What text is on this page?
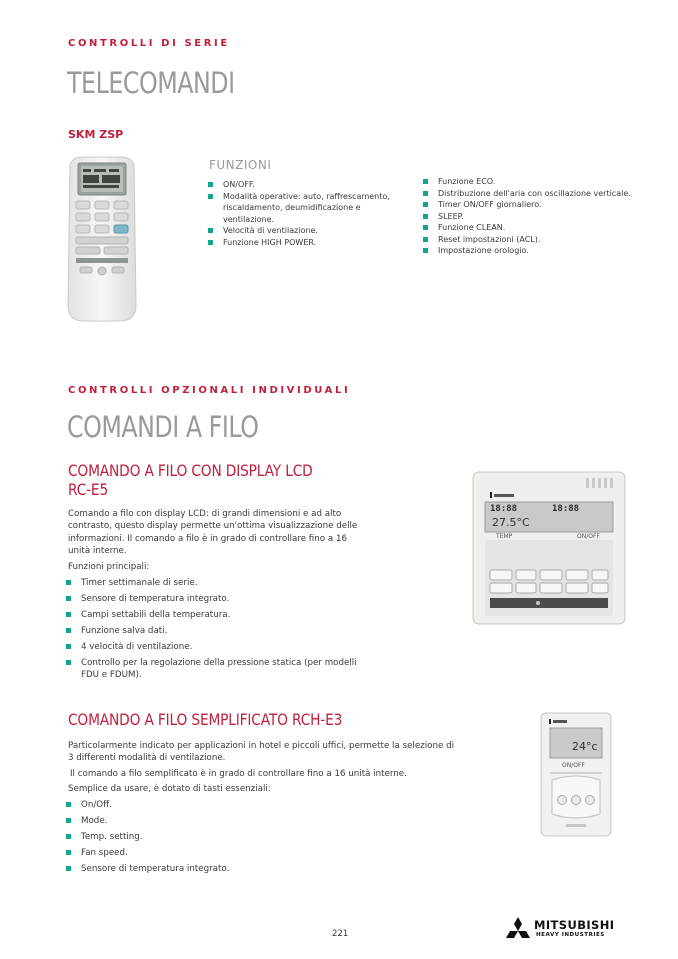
CONTROLLI DI SERIE
TELECOMANDI
SKM ZSP
FUNZIONI
ON/OFF.
Modalità operative: auto, raffrescamento, riscaldamento, deumidificazione e ventilazione.
Velocità di ventilazione.
Funzione HIGH POWER.
Funzione ECO.
Distribuzione dell'aria con oscillazione verticale.
Timer ON/OFF giornaliero.
SLEEP.
Funzione CLEAN.
Reset impostazioni (ACL).
Impostazione orologio.
CONTROLLI OPZIONALI INDIVIDUALI
COMANDI A FILO
COMANDO A FILO CON DISPLAY LCD
RC-E5
Comando a filo con display LCD: di grandi dimensioni e ad alto contrasto, questo display permette un'ottima visualizzazione delle informazioni. Il comando a filo è in grado di controllare fino a 16 unità interne.
Funzioni principali:
Timer settimanale di serie.
Sensore di temperatura integrato.
Campi settabili della temperatura.
Funzione salva dati.
4 velocità di ventilazione.
Controllo per la regolazione della pressione statica (per modelli FDU e FDUM).
18:88	18:88
27.5°C
TEMP	ON/OFF
COMANDO A FILO SEMPLIFICATO RCH-E3
Particolarmente indicato per applicazioni in hotel e piccoli uffici, permette la selezione di 3 differenti modalità di ventilazione.
Il comando a filo semplificato è in grado di controllare fino a 16 unità interne.
Semplice da usare, è dotato di tasti essenziali:
On/Off.
Mode.
Temp. setting.
Fan speed.
Sensore di temperatura integrato.
24°c
ON/OFF
221
MITSUBISHI
HEAVY INDUSTRIES
